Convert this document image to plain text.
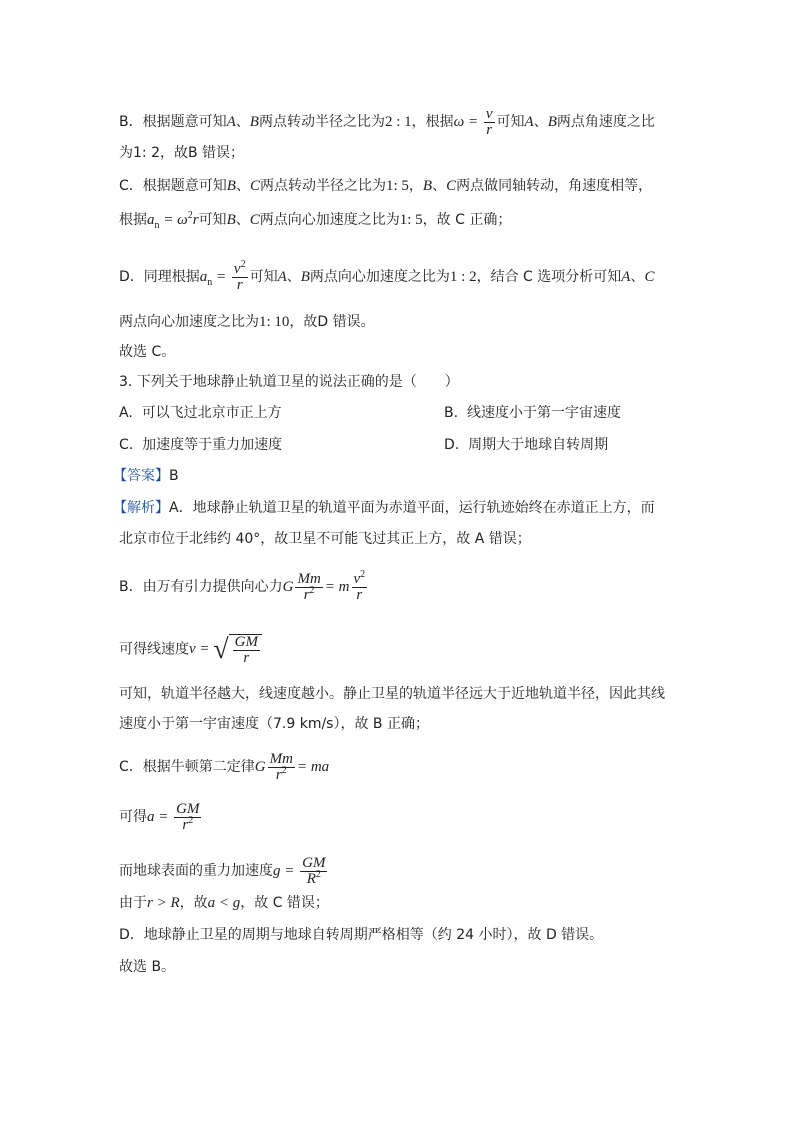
B．根据题意可知A、B两点转动半径之比为2 : 1，根据$\omega = \frac{v}{r}$ 可知A、B两点角速度之比
为1: 2，故B 错误；
C．根据题意可知B、C两点转动半径之比为1: 5，B、C两点做同轴转动，角速度相等，
根据$a_n = \omega^2r$可知B、C两点向心加速度之比为1: 5，故 C 正确；
D．同理根据$a_n = \frac{v^2}{r}$ 可知A、B两点向心加速度之比为1 : 2，结合 C 选项分析可知A、C
两点向心加速度之比为1: 10，故D 错误。
故选 C。
3. 下列关于地球静止轨道卫星的说法正确的是（　　）
A. 可以飞过北京市正上方	B. 线速度小于第一宇宙速度
C. 加速度等于重力加速度	D. 周期大于地球自转周期
【答案】B
【解析】A．地球静止轨道卫星的轨道平面为赤道平面，运行轨迹始终在赤道正上方，而
北京市位于北纬约 40°，故卫星不可能飞过其正上方，故 A 错误；
B．由万有引力提供向心力G $\frac{Mm}{r^2} = m \frac{v^2}{r}$
可得线速度v = √ $\frac{GM}{r}$
可知，轨道半径越大，线速度越小。静止卫星的轨道半径远大于近地轨道半径，因此其线
速度小于第一宇宙速度（7.9 km/s），故 B 正确；
C．根据牛顿第二定律G $\frac{Mm}{r^2}$ = ma
可得$a = \frac{GM}{r^2}$
而地球表面的重力加速度$g = \frac{GM}{R^2}$
由于r > R，故a < g，故 C 错误；
D．地球静止卫星的周期与地球自转周期严格相等（约 24 小时），故 D 错误。
故选 B。
